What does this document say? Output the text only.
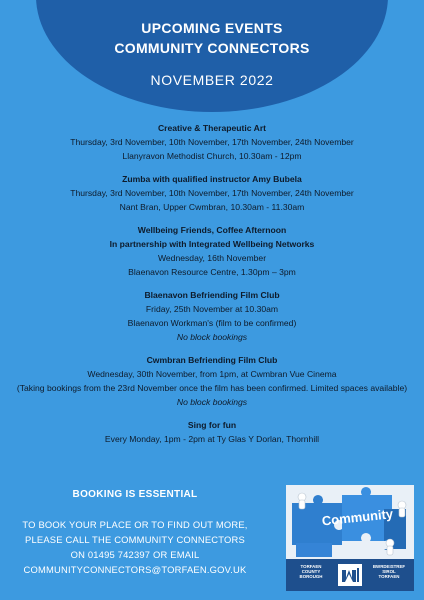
UPCOMING EVENTS
COMMUNITY CONNECTORS
NOVEMBER 2022
Creative & Therapeutic Art
Thursday, 3rd November, 10th November, 17th November, 24th November
Llanyravon Methodist Church, 10.30am - 12pm
Zumba with qualified instructor Amy Bubela
Thursday, 3rd November, 10th November, 17th November, 24th November
Nant Bran, Upper Cwmbran, 10.30am - 11.30am
Wellbeing Friends, Coffee Afternoon
In partnership with Integrated Wellbeing Networks
Wednesday, 16th November
Blaenavon Resource Centre, 1.30pm – 3pm
Blaenavon Befriending Film Club
Friday, 25th November at 10.30am
Blaenavon Workman's (film to be confirmed)
No block bookings
Cwmbran Befriending Film Club
Wednesday, 30th November, from 1pm, at Cwmbran Vue Cinema
(Taking bookings from the 23rd November once the film has been confirmed. Limited spaces available)
No block bookings
Sing for fun
Every Monday, 1pm - 2pm at Ty Glas Y Dorlan, Thornhill
BOOKING IS ESSENTIAL
TO BOOK YOUR PLACE OR TO FIND OUT MORE,
PLEASE CALL THE COMMUNITY CONNECTORS
ON 01495 742397 OR EMAIL
COMMUNITYCONNECTORS@TORFAEN.GOV.UK
Community
TORFAEN
COUNTY
BOROUGH
BWRDEISTREF
SIROL
TORFAEN
